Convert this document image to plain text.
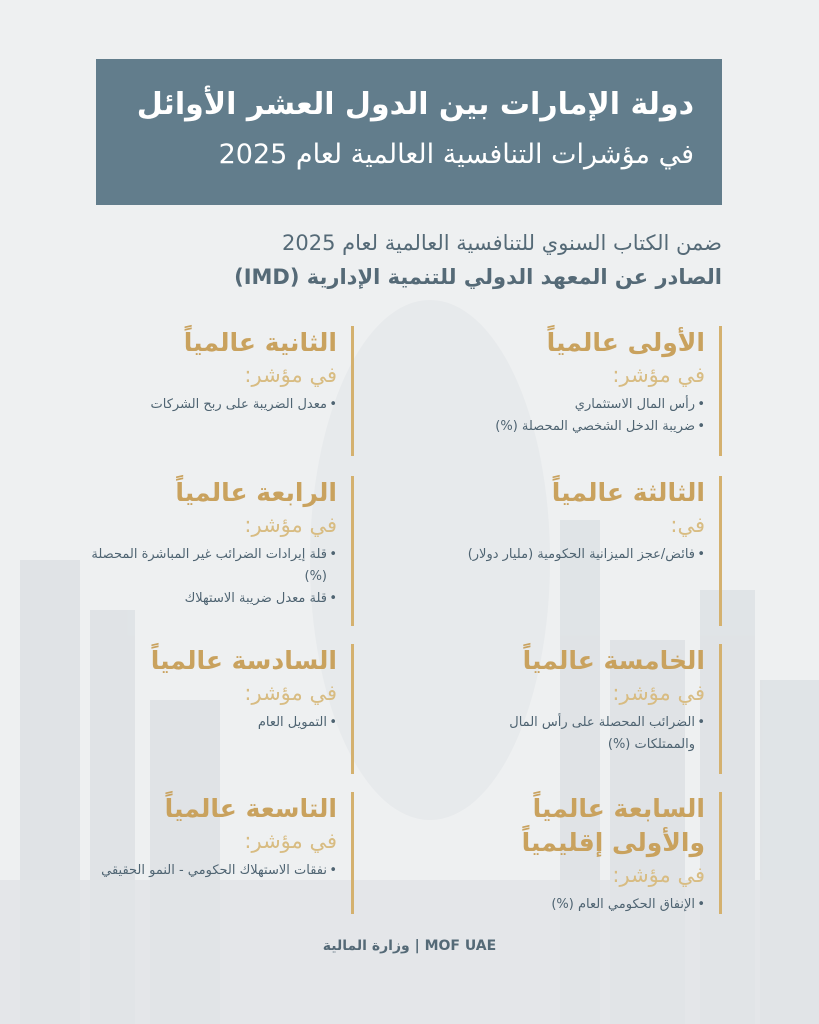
دولة الإمارات بين الدول العشر الأوائل
في مؤشرات التنافسية العالمية لعام 2025
ضمن الكتاب السنوي للتنافسية العالمية لعام 2025
الصادر عن المعهد الدولي للتنمية الإدارية (IMD)
الأولى عالمياً
في مؤشر:
• رأس المال الاستثماري
• ضريبة الدخل الشخصي المحصلة (%)
الثانية عالمياً
في مؤشر:
• معدل الضريبة على ربح الشركات
الثالثة عالمياً
في:
• فائض/عجز الميزانية الحكومية (مليار دولار)
الرابعة عالمياً
في مؤشر:
• قلة إيرادات الضرائب غير المباشرة المحصلة (%)
• قلة معدل ضريبة الاستهلاك
الخامسة عالمياً
في مؤشر:
• الضرائب المحصلة على رأس المال والممتلكات (%)
السادسة عالمياً
في مؤشر:
• التمويل العام
السابعة عالمياً والأولى إقليمياً
في مؤشر:
• الإنفاق الحكومي العام (%)
التاسعة عالمياً
في مؤشر:
• نفقات الاستهلاك الحكومي - النمو الحقيقي
وزارة المالية | MOF UAE
